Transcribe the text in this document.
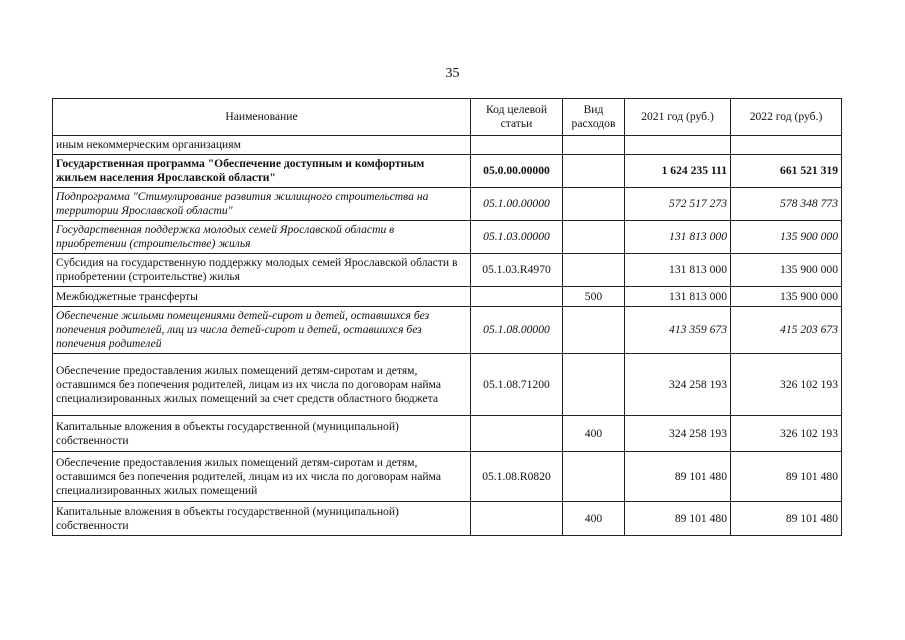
35
Наименование	Код целевой статьи	Вид расходов	2021 год (руб.)	2022 год (руб.)
иным некоммерческим организациям				
Государственная программа "Обеспечение доступным и комфортным жильем населения Ярославской области"	05.0.00.00000		1 624 235 111	661 521 319
Подпрограмма "Стимулирование развития жилищного строительства на территории Ярославской области"	05.1.00.00000		572 517 273	578 348 773
Государственная поддержка молодых семей Ярославской области в приобретении (строительстве) жилья	05.1.03.00000		131 813 000	135 900 000
Субсидия на государственную поддержку молодых семей Ярославской области в приобретении (строительстве) жилья	05.1.03.R4970		131 813 000	135 900 000
Межбюджетные трансферты		500	131 813 000	135 900 000
Обеспечение жилыми помещениями детей-сирот и детей, оставшихся без попечения родителей, лиц из числа детей-сирот и детей, оставшихся без попечения родителей	05.1.08.00000		413 359 673	415 203 673
Обеспечение предоставления жилых помещений детям-сиротам и детям, оставшимся без попечения родителей, лицам из их числа по договорам найма специализированных жилых помещений за счет средств областного бюджета	05.1.08.71200		324 258 193	326 102 193
Капитальные вложения в объекты государственной (муниципальной) собственности		400	324 258 193	326 102 193
Обеспечение предоставления жилых помещений детям-сиротам и детям, оставшимся без попечения родителей, лицам из их числа по договорам найма специализированных жилых помещений	05.1.08.R0820		89 101 480	89 101 480
Капитальные вложения в объекты государственной (муниципальной) собственности		400	89 101 480	89 101 480
